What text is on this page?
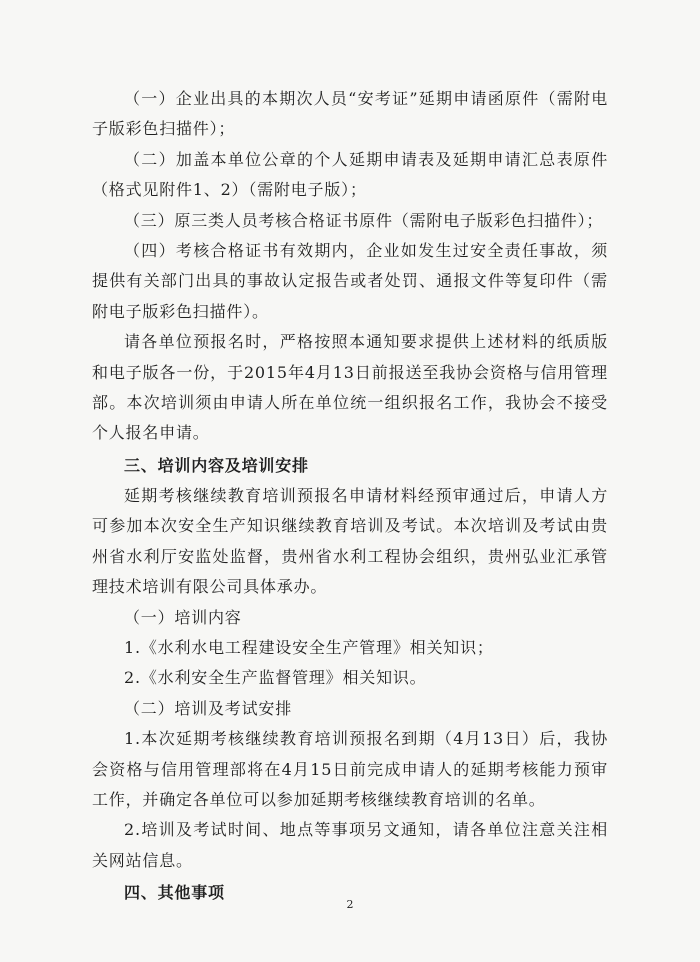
（一）企业出具的本期次人员“安考证”延期申请函原件（需附电子版彩色扫描件）；

（二）加盖本单位公章的个人延期申请表及延期申请汇总表原件（格式见附件1、2）（需附电子版）；

（三）原三类人员考核合格证书原件（需附电子版彩色扫描件）；

（四）考核合格证书有效期内，企业如发生过安全责任事故，须提供有关部门出具的事故认定报告或者处罚、通报文件等复印件（需附电子版彩色扫描件）。

请各单位预报名时，严格按照本通知要求提供上述材料的纸质版和电子版各一份，于2015年4月13日前报送至我协会资格与信用管理部。本次培训须由申请人所在单位统一组织报名工作，我协会不接受个人报名申请。

三、培训内容及培训安排

延期考核继续教育培训预报名申请材料经预审通过后，申请人方可参加本次安全生产知识继续教育培训及考试。本次培训及考试由贵州省水利厅安监处监督，贵州省水利工程协会组织，贵州弘业汇承管理技术培训有限公司具体承办。

（一）培训内容

1.《水利水电工程建设安全生产管理》相关知识；

2.《水利安全生产监督管理》相关知识。

（二）培训及考试安排

1.本次延期考核继续教育培训预报名到期（4月13日）后，我协会资格与信用管理部将在4月15日前完成申请人的延期考核能力预审工作，并确定各单位可以参加延期考核继续教育培训的名单。

2.培训及考试时间、地点等事项另文通知，请各单位注意关注相关网站信息。

四、其他事项

2
